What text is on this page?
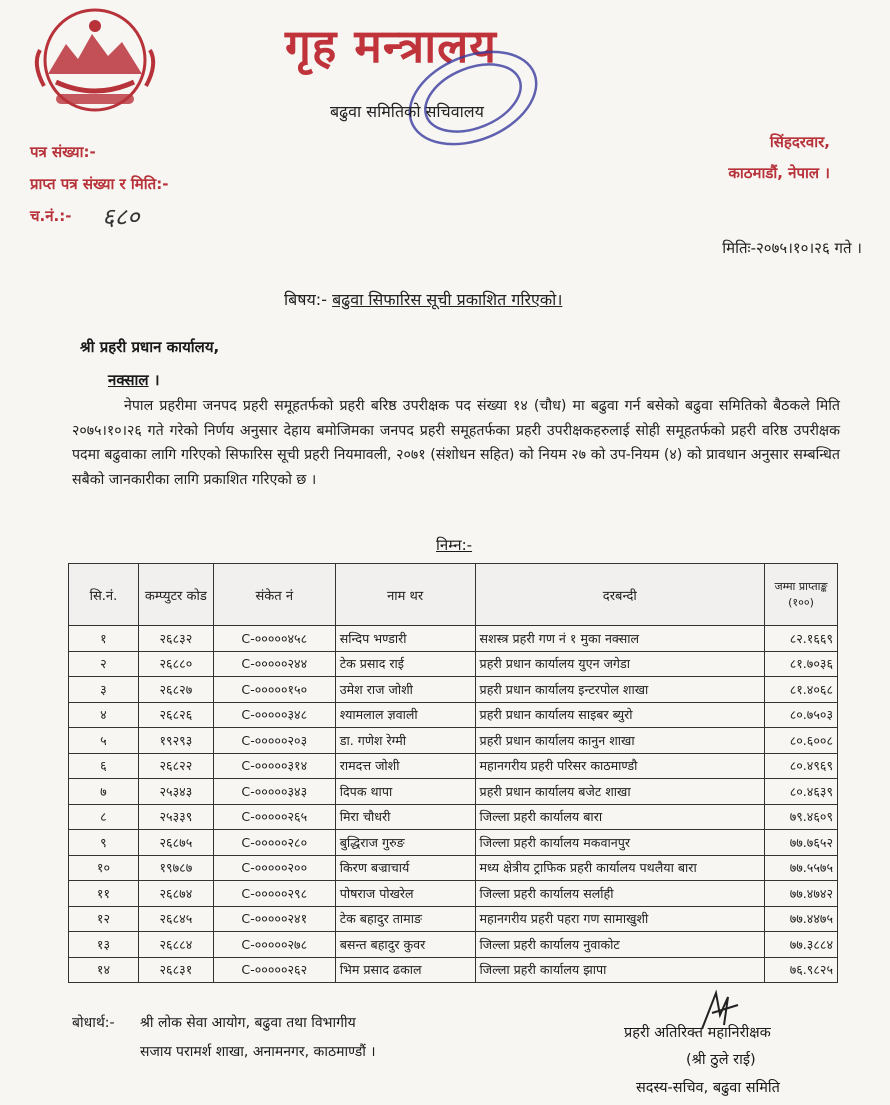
गृह मन्त्रालय
बढुवा समितिको सचिवालय
पत्र संख्या:-
प्राप्त पत्र संख्या र मिति:-
च.नं.:- ६८०
सिंहदरवार,
काठमाडौं, नेपाल ।
मितिः-२०७५।१०।२६ गते ।
बिषय:- बढुवा सिफारिस सूची प्रकाशित गरिएको।
श्री प्रहरी प्रधान कार्यालय,
नक्साल ।
नेपाल प्रहरीमा जनपद प्रहरी समूहतर्फको प्रहरी बरिष्ठ उपरीक्षक पद संख्या १४ (चौध) मा बढुवा गर्न बसेको बढुवा समितिको बैठकले मिति २०७५।१०।२६ गते गरेको निर्णय अनुसार देहाय बमोजिमका जनपद प्रहरी समूहतर्फका प्रहरी उपरीक्षकहरुलाई सोही समूहतर्फको प्रहरी वरिष्ठ उपरीक्षक पदमा बढुवाका लागि गरिएको सिफारिस सूची प्रहरी नियमावली, २०७१ (संशोधन सहित) को नियम २७ को उप-नियम (४) को प्रावधान अनुसार सम्बन्धित सबैको जानकारीका लागि प्रकाशित गरिएको छ ।
निम्न:-
सि.नं.	कम्प्युटर कोड	संकेत नं	नाम थर	दरबन्दी	जम्मा प्राप्ताङ्क (१००)
१	२६८३२	C-०००००४५८	सन्दिप भण्डारी	सशस्त्र प्रहरी गण नं १ मुका नक्साल	८२.१६६९
२	२६८८०	C-०००००२४४	टेक प्रसाद राई	प्रहरी प्रधान कार्यालय युएन जगेडा	८१.७०३६
३	२६८२७	C-०००००१५०	उमेश राज जोशी	प्रहरी प्रधान कार्यालय इन्टरपोल शाखा	८१.४०६८
४	२६८२६	C-०००००३४८	श्यामलाल ज्ञवाली	प्रहरी प्रधान कार्यालय साइबर ब्युरो	८०.७५०३
५	१९२९३	C-०००००२०३	डा. गणेश रेग्मी	प्रहरी प्रधान कार्यालय कानुन शाखा	८०.६००८
६	२६८२२	C-०००००३१४	रामदत्त जोशी	महानगरीय प्रहरी परिसर काठमाण्डौ	८०.४९६९
७	२५३४३	C-०००००३४३	दिपक थापा	प्रहरी प्रधान कार्यालय बजेट शाखा	८०.४६३९
८	२५३३९	C-०००००२६५	मिरा चौधरी	जिल्ला प्रहरी कार्यालय बारा	७९.४६०९
९	२६८७५	C-०००००२८०	बुद्धिराज गुरुङ	जिल्ला प्रहरी कार्यालय मकवानपुर	७७.७६५२
१०	१९७८७	C-०००००२००	किरण बज्राचार्य	मध्य क्षेत्रीय ट्राफिक प्रहरी कार्यालय पथलैया बारा	७७.५५७५
११	२६८७४	C-०००००२९८	पोषराज पोखरेल	जिल्ला प्रहरी कार्यालय सर्लाही	७७.४७४२
१२	२६८४५	C-०००००२४१	टेक बहादुर तामाङ	महानगरीय प्रहरी पहरा गण सामाखुशी	७७.४४७५
१३	२६८८४	C-०००००२७८	बसन्त बहादुर कुवर	जिल्ला प्रहरी कार्यालय नुवाकोट	७७.३८८४
१४	२६८३१	C-०००००२६२	भिम प्रसाद ढकाल	जिल्ला प्रहरी कार्यालय झापा	७६.९८२५
बोधार्थ:- श्री लोक सेवा आयोग, बढुवा तथा विभागीय
सजाय परामर्श शाखा, अनामनगर, काठमाण्डौं ।
प्रहरी अतिरिक्त महानिरीक्षक
(श्री ठुले राई)
सदस्य-सचिव, बढुवा समिति
